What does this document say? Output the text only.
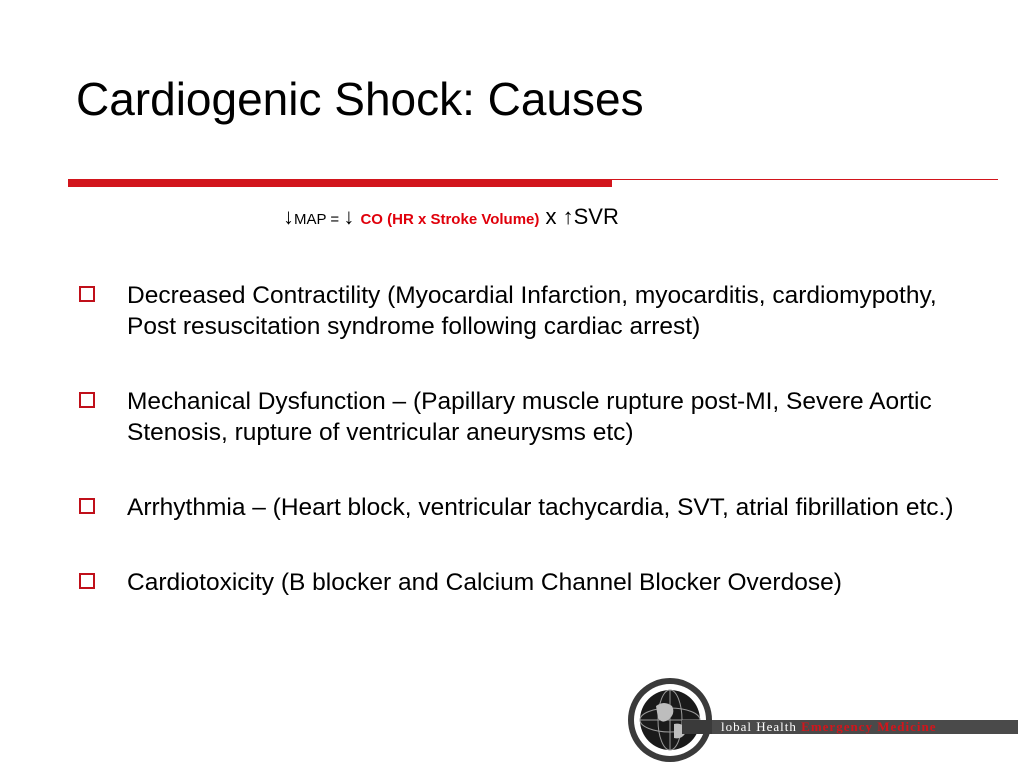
Cardiogenic Shock: Causes
↓MAP = ↓ CO (HR x Stroke Volume) x ↑SVR
Decreased Contractility (Myocardial Infarction, myocarditis, cardiomypothy, Post resuscitation syndrome following cardiac arrest)
Mechanical Dysfunction – (Papillary muscle rupture post-MI, Severe Aortic Stenosis, rupture of ventricular aneurysms etc)
Arrhythmia – (Heart block, ventricular tachycardia, SVT, atrial fibrillation etc.)
Cardiotoxicity (B blocker and Calcium Channel Blocker Overdose)
lobal Health Emergency Medicine
